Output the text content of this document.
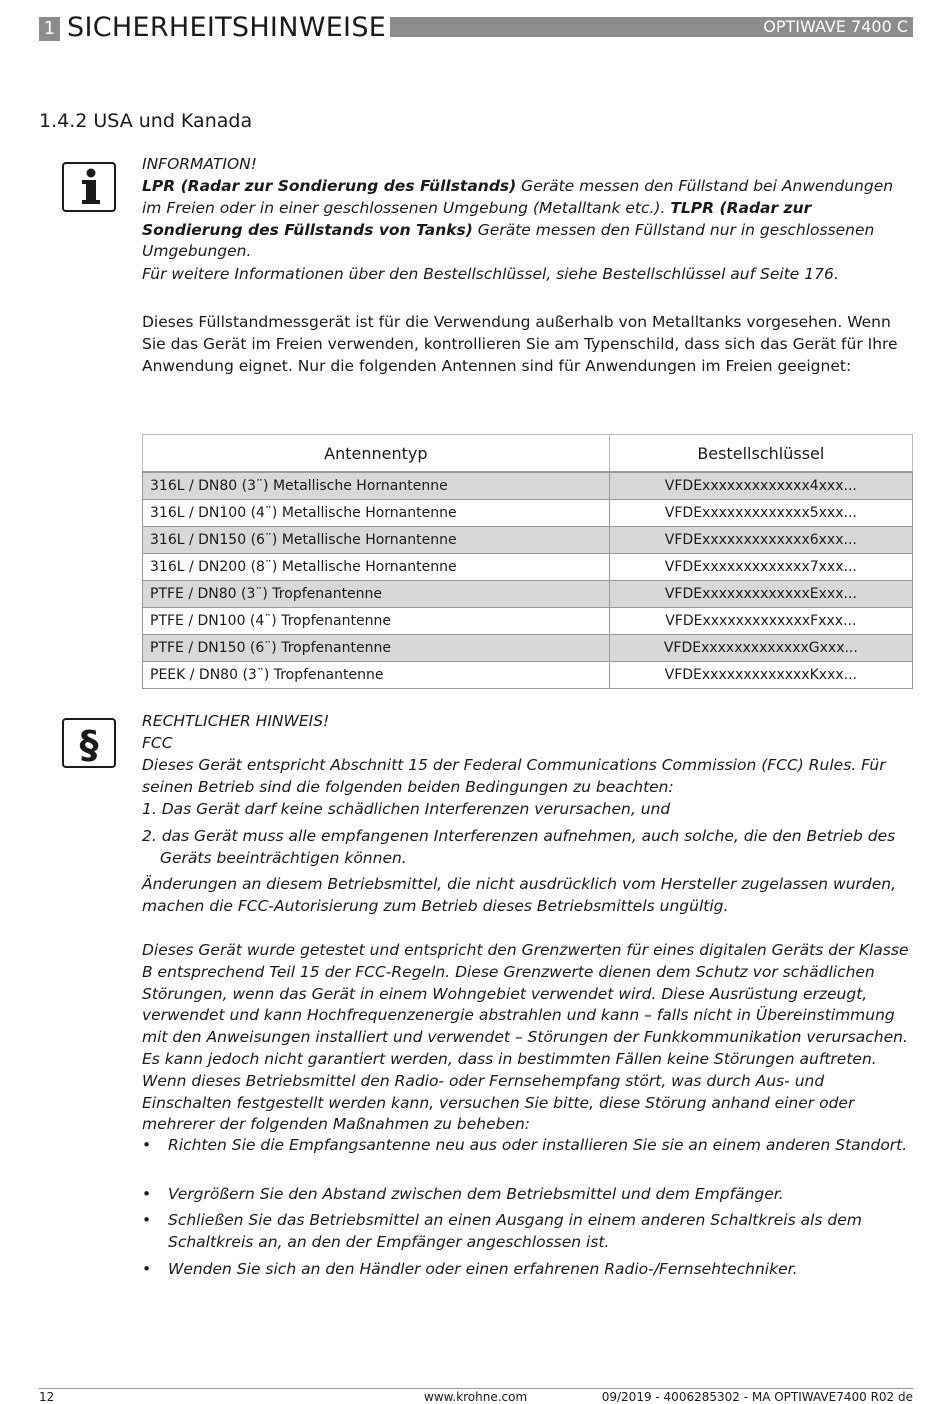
1 SICHERHEITSHINWEISE	OPTIWAVE 7400 C
1.4.2 USA und Kanada
INFORMATION!
LPR (Radar zur Sondierung des Füllstands) Geräte messen den Füllstand bei Anwendungen im Freien oder in einer geschlossenen Umgebung (Metalltank etc.). TLPR (Radar zur Sondierung des Füllstands von Tanks) Geräte messen den Füllstand nur in geschlossenen Umgebungen.
Für weitere Informationen über den Bestellschlüssel, siehe Bestellschlüssel auf Seite 176.
Dieses Füllstandmessgerät ist für die Verwendung außerhalb von Metalltanks vorgesehen. Wenn Sie das Gerät im Freien verwenden, kontrollieren Sie am Typenschild, dass sich das Gerät für Ihre Anwendung eignet. Nur die folgenden Antennen sind für Anwendungen im Freien geeignet:
Antennentyp	Bestellschlüssel
316L / DN80 (3¨) Metallische Hornantenne	VFDExxxxxxxxxxxxx4xxx...
316L / DN100 (4¨) Metallische Hornantenne	VFDExxxxxxxxxxxxx5xxx...
316L / DN150 (6¨) Metallische Hornantenne	VFDExxxxxxxxxxxxx6xxx...
316L / DN200 (8¨) Metallische Hornantenne	VFDExxxxxxxxxxxxx7xxx...
PTFE / DN80 (3¨) Tropfenantenne	VFDExxxxxxxxxxxxxExxx...
PTFE / DN100 (4¨) Tropfenantenne	VFDExxxxxxxxxxxxxFxxx...
PTFE / DN150 (6¨) Tropfenantenne	VFDExxxxxxxxxxxxxGxxx...
PEEK / DN80 (3¨) Tropfenantenne	VFDExxxxxxxxxxxxxKxxx...
§
RECHTLICHER HINWEIS!
FCC
Dieses Gerät entspricht Abschnitt 15 der Federal Communications Commission (FCC) Rules. Für seinen Betrieb sind die folgenden beiden Bedingungen zu beachten:
1. Das Gerät darf keine schädlichen Interferenzen verursachen, und
2. das Gerät muss alle empfangenen Interferenzen aufnehmen, auch solche, die den Betrieb des Geräts beeinträchtigen können.
Änderungen an diesem Betriebsmittel, die nicht ausdrücklich vom Hersteller zugelassen wurden, machen die FCC-Autorisierung zum Betrieb dieses Betriebsmittels ungültig.
Dieses Gerät wurde getestet und entspricht den Grenzwerten für eines digitalen Geräts der Klasse B entsprechend Teil 15 der FCC-Regeln. Diese Grenzwerte dienen dem Schutz vor schädlichen Störungen, wenn das Gerät in einem Wohngebiet verwendet wird. Diese Ausrüstung erzeugt, verwendet und kann Hochfrequenzenergie abstrahlen und kann – falls nicht in Übereinstimmung mit den Anweisungen installiert und verwendet – Störungen der Funkkommunikation verursachen. Es kann jedoch nicht garantiert werden, dass in bestimmten Fällen keine Störungen auftreten. Wenn dieses Betriebsmittel den Radio- oder Fernsehempfang stört, was durch Aus- und Einschalten festgestellt werden kann, versuchen Sie bitte, diese Störung anhand einer oder mehrerer der folgenden Maßnahmen zu beheben:
• Richten Sie die Empfangsantenne neu aus oder installieren Sie sie an einem anderen Standort.
• Vergrößern Sie den Abstand zwischen dem Betriebsmittel und dem Empfänger.
• Schließen Sie das Betriebsmittel an einen Ausgang in einem anderen Schaltkreis als dem Schaltkreis an, an den der Empfänger angeschlossen ist.
• Wenden Sie sich an den Händler oder einen erfahrenen Radio-/Fernsehtechniker.
12	www.krohne.com	09/2019 - 4006285302 - MA OPTIWAVE7400 R02 de
